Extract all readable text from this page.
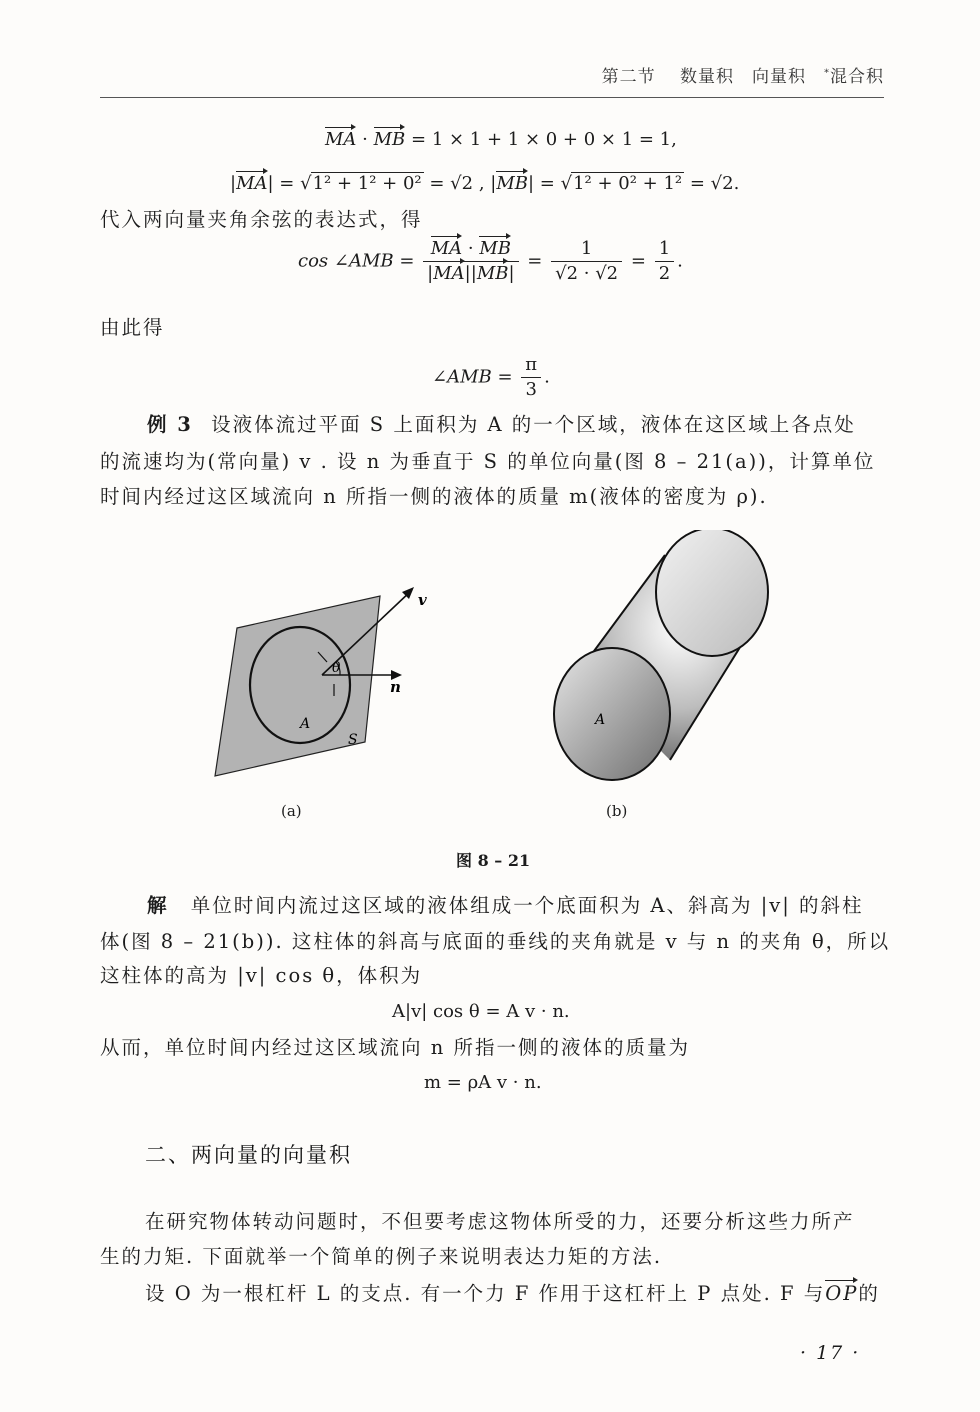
第二节 数量积　向量积　*混合积
MA · MB = 1 × 1 + 1 × 0 + 0 × 1 = 1,
|MA| = √1² + 1² + 0² = √2 , |MB| = √1² + 0² + 1² = √2.
代入两向量夹角余弦的表达式，得
cos ∠AMB = $\frac{MA \cdot MB}{|MA||MB|} = \frac{1}{√2 \cdot √2} = \frac{1}{2}$ .
由此得
∠AMB = $\frac{\pi}{3}$ .
例 3 设液体流过平面 S 上面积为 A 的一个区域，液体在这区域上各点处
的流速均为(常向量) v . 设 n 为垂直于 S 的单位向量(图 8 – 21(a))，计算单位
时间内经过这区域流向 n 所指一侧的液体的质量 m(液体的密度为 ρ).
v
θ
n
A
S
A
(a)	(b)
图 8 – 21
解 单位时间内流过这区域的液体组成一个底面积为 A、斜高为 |v| 的斜柱
体(图 8 – 21(b)). 这柱体的斜高与底面的垂线的夹角就是 v 与 n 的夹角 θ，所以
这柱体的高为 |v| cos θ，体积为
A|v| cos θ = A v · n.
从而，单位时间内经过这区域流向 n 所指一侧的液体的质量为
m = ρA v · n.
二、两向量的向量积
在研究物体转动问题时，不但要考虑这物体所受的力，还要分析这些力所产
生的力矩. 下面就举一个简单的例子来说明表达力矩的方法.
设 O 为一根杠杆 L 的支点. 有一个力 F 作用于这杠杆上 P 点处. F 与OP的
· 17 ·
